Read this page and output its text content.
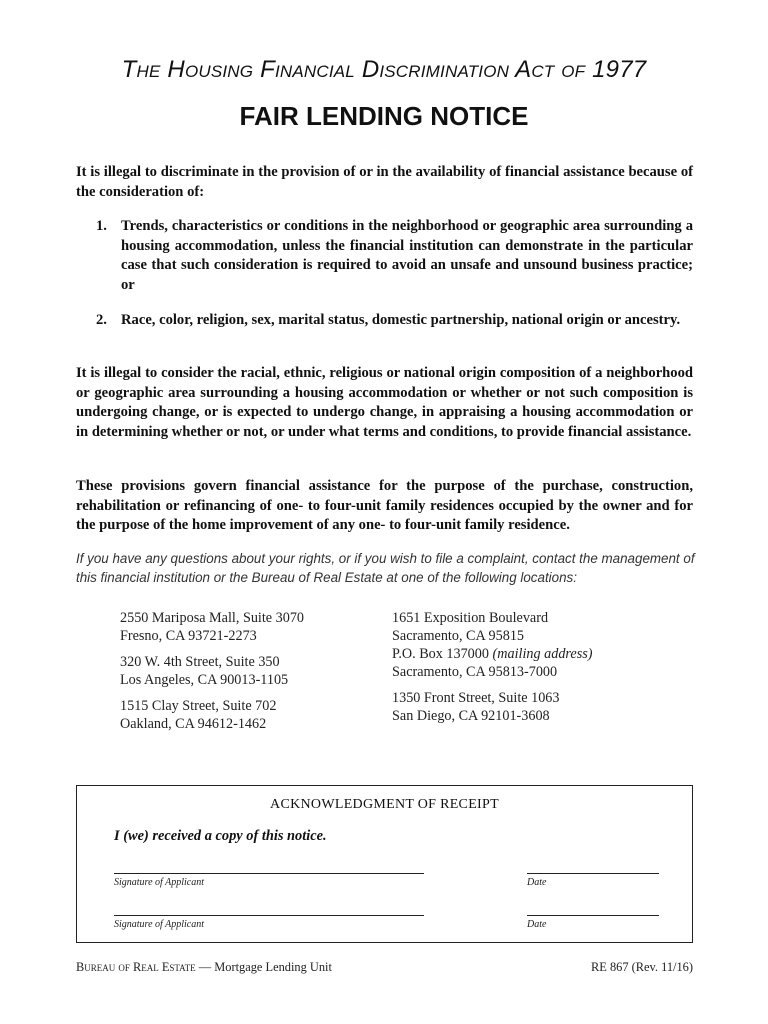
The Housing Financial Discrimination Act of 1977
FAIR LENDING NOTICE

It is illegal to discriminate in the provision of or in the availability of financial assistance because of the consideration of:

1. Trends, characteristics or conditions in the neighborhood or geographic area surrounding a housing accommodation, unless the financial institution can demonstrate in the particular case that such consideration is required to avoid an unsafe and unsound business practice; or
2. Race, color, religion, sex, marital status, domestic partnership, national origin or ancestry.

It is illegal to consider the racial, ethnic, religious or national origin composition of a neighborhood or geographic area surrounding a housing accommodation or whether or not such composition is undergoing change, or is expected to undergo change, in appraising a housing accommodation or in determining whether or not, or under what terms and conditions, to provide financial assistance.

These provisions govern financial assistance for the purpose of the purchase, construction, rehabilitation or refinancing of one- to four-unit family residences occupied by the owner and for the purpose of the home improvement of any one- to four-unit family residence.

If you have any questions about your rights, or if you wish to file a complaint, contact the management of this financial institution or the Bureau of Real Estate at one of the following locations:

2550 Mariposa Mall, Suite 3070
Fresno, CA 93721-2273
320 W. 4th Street, Suite 350
Los Angeles, CA 90013-1105
1515 Clay Street, Suite 702
Oakland, CA 94612-1462
1651 Exposition Boulevard
Sacramento, CA 95815
P.O. Box 137000 (mailing address)
Sacramento, CA 95813-7000
1350 Front Street, Suite 1063
San Diego, CA 92101-3608
ACKNOWLEDGMENT OF RECEIPT
I (we) received a copy of this notice.
Signature of Applicant	Date
Signature of Applicant	Date
Bureau of Real Estate — Mortgage Lending Unit	RE 867 (Rev. 11/16)
